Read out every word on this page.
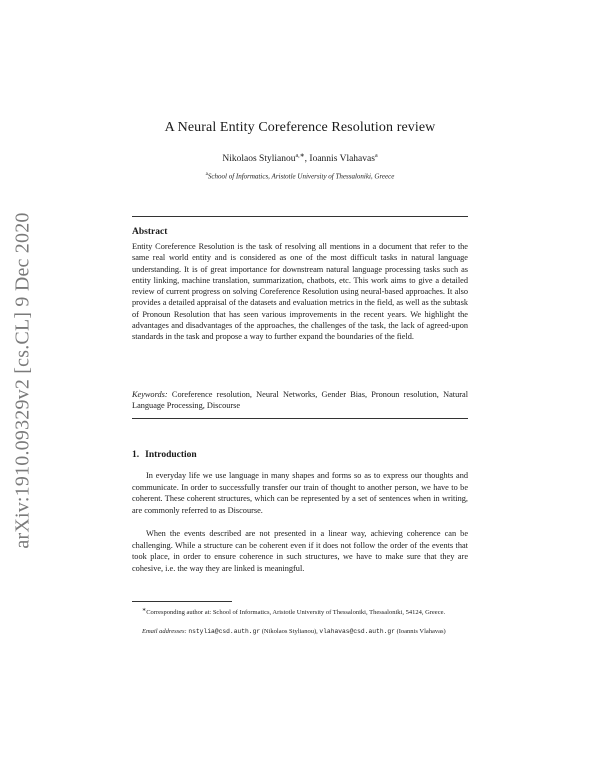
arXiv:1910.09329v2 [cs.CL] 9 Dec 2020
A Neural Entity Coreference Resolution review
Nikolaos Stylianou$^{a,∗}$, Ioannis Vlahavas$^a$
$^a$School of Informatics, Aristotle University of Thessaloniki, Greece
Abstract
Entity Coreference Resolution is the task of resolving all mentions in a document that refer to the same real world entity and is considered as one of the most difficult tasks in natural language understanding. It is of great importance for downstream natural language processing tasks such as entity linking, machine translation, summarization, chatbots, etc. This work aims to give a detailed review of current progress on solving Coreference Resolution using neural-based approaches. It also provides a detailed appraisal of the datasets and evaluation metrics in the field, as well as the subtask of Pronoun Resolution that has seen various improvements in the recent years. We highlight the advantages and disadvantages of the approaches, the challenges of the task, the lack of agreed-upon standards in the task and propose a way to further expand the boundaries of the field.
Keywords: Coreference resolution, Neural Networks, Gender Bias, Pronoun resolution, Natural Language Processing, Discourse
1. Introduction
In everyday life we use language in many shapes and forms so as to express our thoughts and communicate. In order to successfully transfer our train of thought to another person, we have to be coherent. These coherent structures, which can be represented by a set of sentences when in writing, are commonly referred to as Discourse.
When the events described are not presented in a linear way, achieving coherence can be challenging. While a structure can be coherent even if it does not follow the order of the events that took place, in order to ensure coherence in such structures, we have to make sure that they are cohesive, i.e. the way they are linked is meaningful.
∗Corresponding author at: School of Informatics, Aristotle University of Thessaloniki, Thessaloniki, 54124, Greece.
Email addresses: nstylia@csd.auth.gr (Nikolaos Stylianou), vlahavas@csd.auth.gr (Ioannis Vlahavas)
